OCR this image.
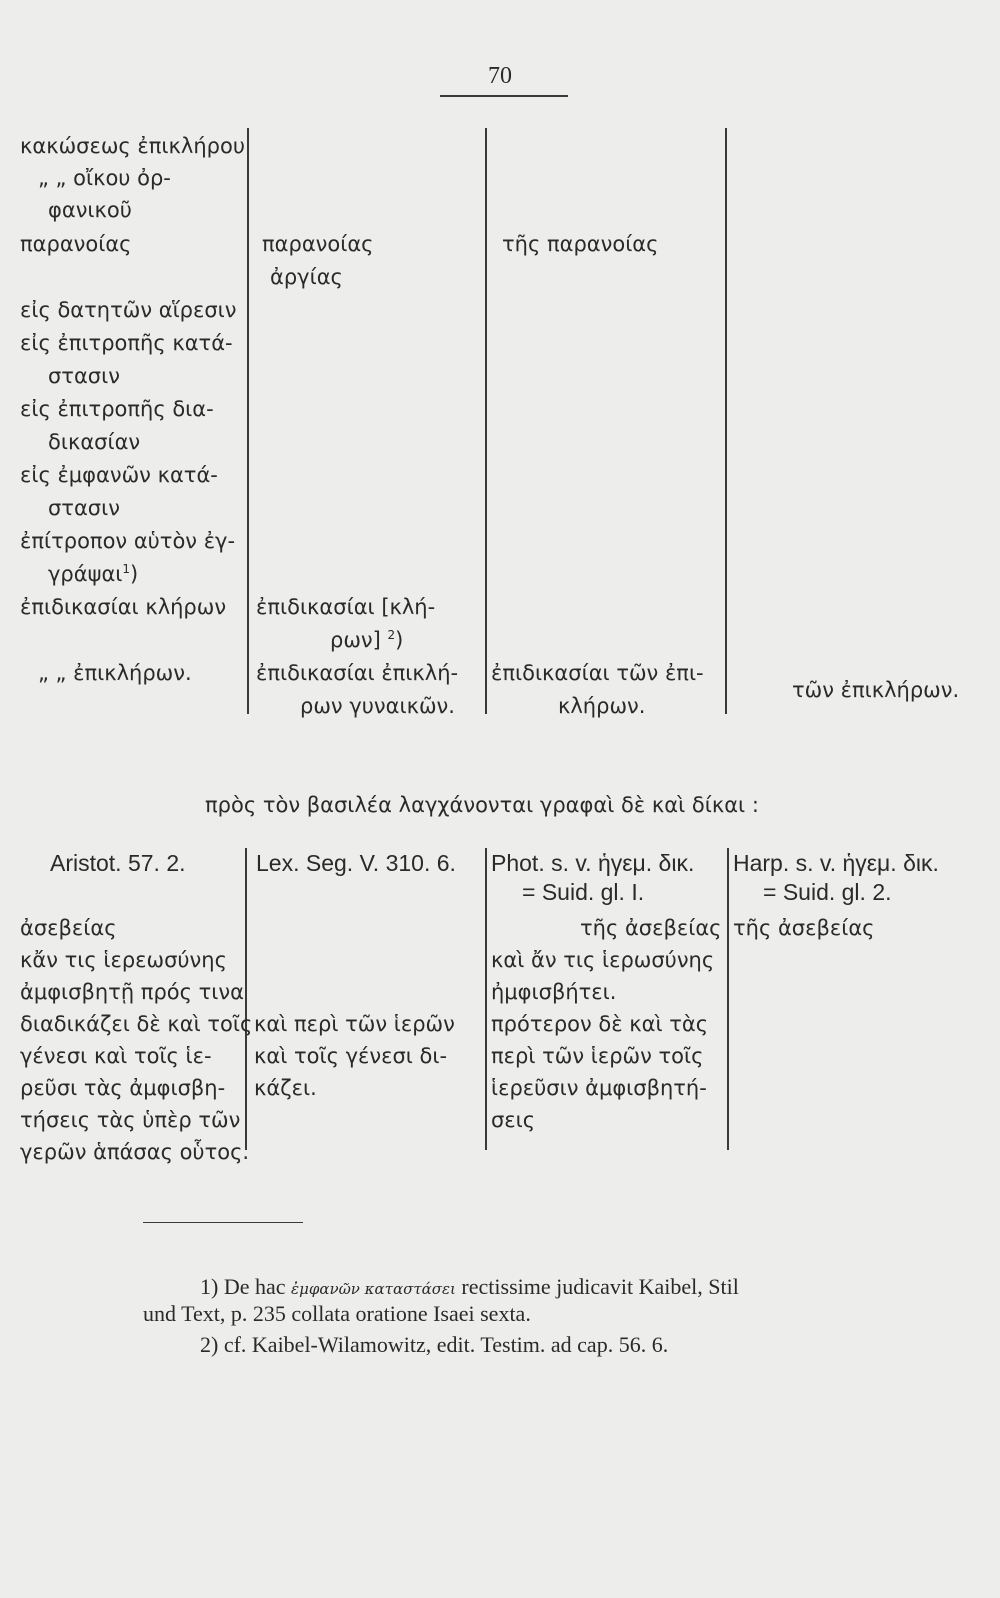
70
κακώσεως ἐπικλήρου
„ „ οἴκου ὀρ-
φανικοῦ
παρανοίας
εἰς δατητῶν αἵρεσιν
εἰς ἐπιτροπῆς κατά-
στασιν
εἰς ἐπιτροπῆς δια-
δικασίαν
εἰς ἐμφανῶν κατά-
στασιν
ἐπίτροπον αὑτὸν ἐγ-
γράψαι$^1$)
ἐπιδικασίαι κλήρων
„ „ ἐπικλήρων.
παρανοίας
ἀργίας
ἐπιδικασίαι [κλή-
ρων] $^2$)
ἐπιδικασίαι ἐπικλή-
ρων γυναικῶν.
τῆς παρανοίας
ἐπιδικασίαι τῶν ἐπι-
κλήρων.
τῶν ἐπικλήρων.
πρὸς τὸν βασιλέα λαγχάνονται γραφαὶ δὲ καὶ δίκαι :
Aristot. 57. 2.	Lex. Seg. V. 310. 6. Phot. s. v. ἡγεμ. δικ.
= Suid. gl. I.
Harp. s. v. ἡγεμ. δικ.
= Suid. gl. 2.
ἀσεβείας
κἄν τις ἱερεωσύνης
ἀμφισβητῇ πρός τινα
διαδικάζει δὲ καὶ τοῖς
γένεσι καὶ τοῖς ἱε-
ρεῦσι τὰς ἀμφισβη-
τήσεις τὰς ὑπὲρ τῶν
γερῶν ἁπάσας οὗτος.
καὶ περὶ τῶν ἱερῶν
καὶ τοῖς γένεσι δι-
κάζει.
τῆς ἀσεβείας
καὶ ἄν τις ἱερωσύνης
ἠμφισβήτει.
πρότερον δὲ καὶ τὰς
περὶ τῶν ἱερῶν τοῖς
ἱερεῦσιν ἀμφισβητή-
σεις
τῆς ἀσεβείας
1) De hac ἐμφανῶν καταστάσει rectissime judicavit Kaibel, Stil
und Text, p. 235 collata oratione Isaei sexta.
2) cf. Kaibel-Wilamowitz, edit. Testim. ad cap. 56. 6.
